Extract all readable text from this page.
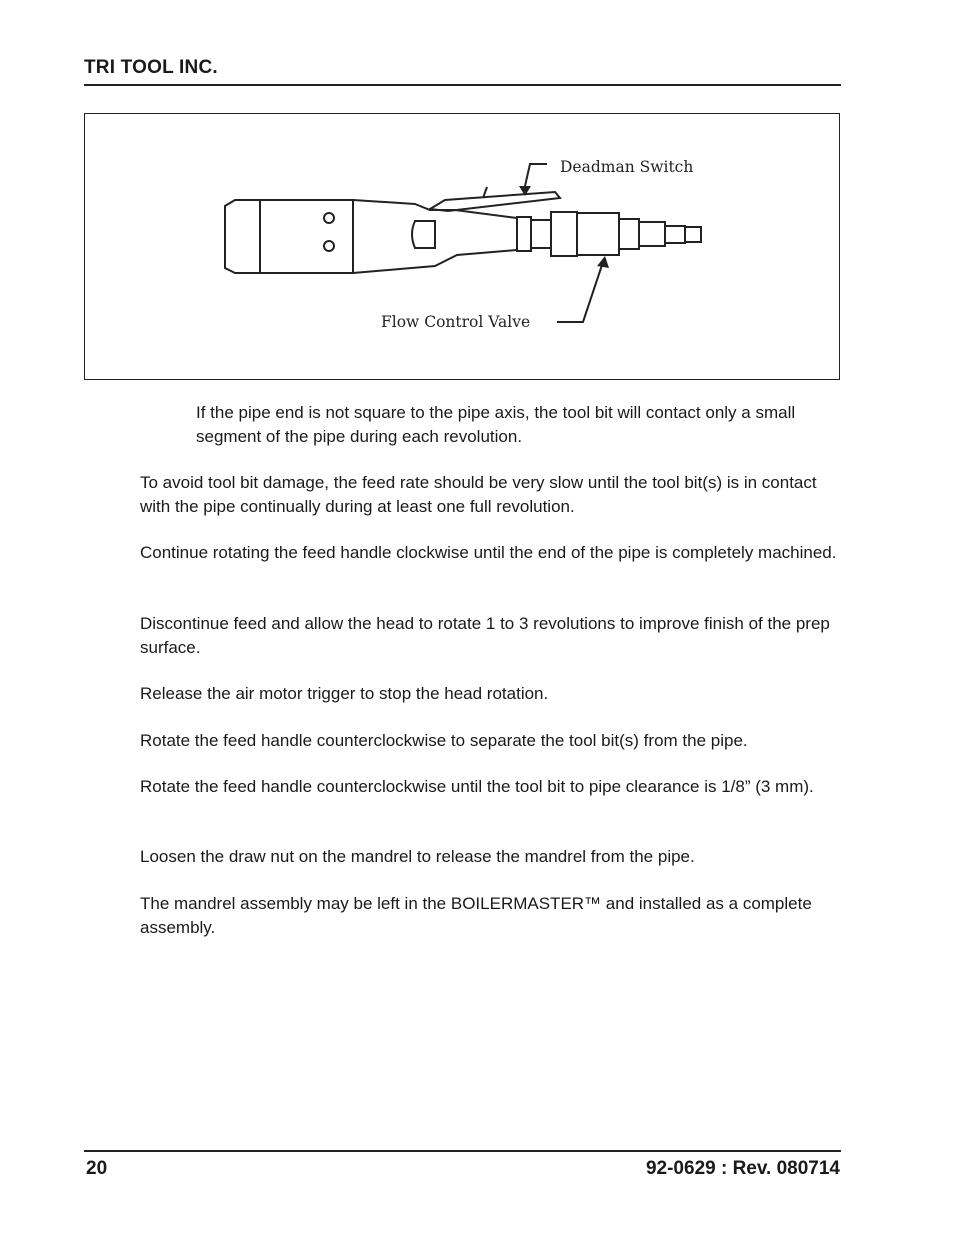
TRI TOOL INC.
Deadman Switch
Flow Control Valve
If the pipe end is not square to the pipe axis, the tool bit will contact only a small segment of the pipe during each revolution.
To avoid tool bit damage, the feed rate should be very slow until the tool bit(s) is in contact with the pipe continually during at least one full revolution.
Continue rotating the feed handle clockwise until the end of the pipe is completely machined.
Discontinue feed and allow the head to rotate 1 to 3 revolutions to improve finish of the prep surface.
Release the air motor trigger to stop the head rotation.
Rotate the feed handle counterclockwise to separate the tool bit(s) from the pipe.
Rotate the feed handle counterclockwise until the tool bit to pipe clearance is 1/8” (3 mm).
Loosen the draw nut on the mandrel to release the mandrel from the pipe.
The mandrel assembly may be left in the BOILERMASTER™ and installed as a complete assembly.
20	92-0629 : Rev. 080714
